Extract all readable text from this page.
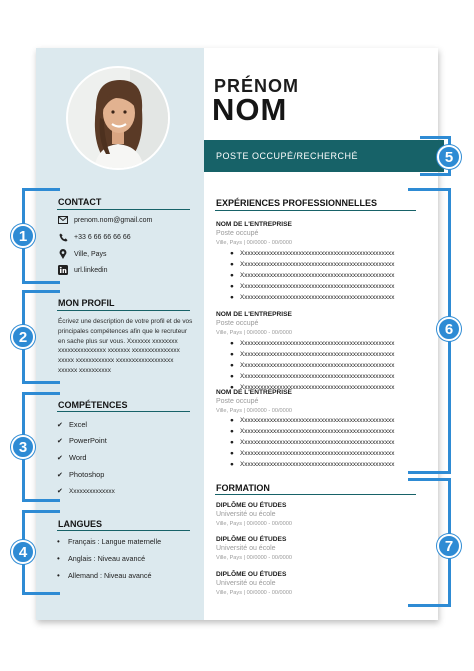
PRÉNOM
NOM
POSTE OCCUPÉ/RECHERCHÉ
CONTACT
prenom.nom@gmail.com
+33 6 66 66 66 66
Ville, Pays
url.linkedin
MON PROFIL
Écrivez une description de votre profil et de vos principales compétences afin que le recruteur en sache plus sur vous. Xxxxxxx xxxxxxxx xxxxxxxxxxxxxxx xxxxxxx xxxxxxxxxxxxxxx xxxxx xxxxxxxxxxxx xxxxxxxxxxxxxxxxxx xxxxxx xxxxxxxxxx
COMPÉTENCES
✔ Excel
✔ PowerPoint
✔ Word
✔ Photoshop
✔ Xxxxxxxxxxxxxx
LANGUES
• Français : Langue maternelle
• Anglais : Niveau avancé
• Allemand : Niveau avancé
EXPÉRIENCES PROFESSIONNELLES
NOM DE L'ENTREPRISE
Poste occupé
Ville, Pays | 00/0000 - 00/0000
● Xxxxxxxxxxxxxxxxxxxxxxxxxxxxxxxxxxxxxxxxxxxxxxxx
● Xxxxxxxxxxxxxxxxxxxxxxxxxxxxxxxxxxxxxxxxxxxxxxxx
● Xxxxxxxxxxxxxxxxxxxxxxxxxxxxxxxxxxxxxxxxxxxxxxxx
● Xxxxxxxxxxxxxxxxxxxxxxxxxxxxxxxxxxxxxxxxxxxxxxxx
● Xxxxxxxxxxxxxxxxxxxxxxxxxxxxxxxxxxxxxxxxxxxxxxxx
NOM DE L'ENTREPRISE
Poste occupé
Ville, Pays | 00/0000 - 00/0000
● Xxxxxxxxxxxxxxxxxxxxxxxxxxxxxxxxxxxxxxxxxxxxxxxx
● Xxxxxxxxxxxxxxxxxxxxxxxxxxxxxxxxxxxxxxxxxxxxxxxx
● Xxxxxxxxxxxxxxxxxxxxxxxxxxxxxxxxxxxxxxxxxxxxxxxx
● Xxxxxxxxxxxxxxxxxxxxxxxxxxxxxxxxxxxxxxxxxxxxxxxx
● Xxxxxxxxxxxxxxxxxxxxxxxxxxxxxxxxxxxxxxxxxxxxxxxx
NOM DE L'ENTREPRISE
Poste occupé
Ville, Pays | 00/0000 - 00/0000
● Xxxxxxxxxxxxxxxxxxxxxxxxxxxxxxxxxxxxxxxxxxxxxxxx
● Xxxxxxxxxxxxxxxxxxxxxxxxxxxxxxxxxxxxxxxxxxxxxxxx
● Xxxxxxxxxxxxxxxxxxxxxxxxxxxxxxxxxxxxxxxxxxxxxxxx
● Xxxxxxxxxxxxxxxxxxxxxxxxxxxxxxxxxxxxxxxxxxxxxxxx
● Xxxxxxxxxxxxxxxxxxxxxxxxxxxxxxxxxxxxxxxxxxxxxxxx
FORMATION
DIPLÔME OU ÉTUDES
Université ou école
Ville, Pays | 00/0000 - 00/0000
DIPLÔME OU ÉTUDES
Université ou école
Ville, Pays | 00/0000 - 00/0000
DIPLÔME OU ÉTUDES
Université ou école
Ville, Pays | 00/0000 - 00/0000
1
2
3
4
5
6
7
